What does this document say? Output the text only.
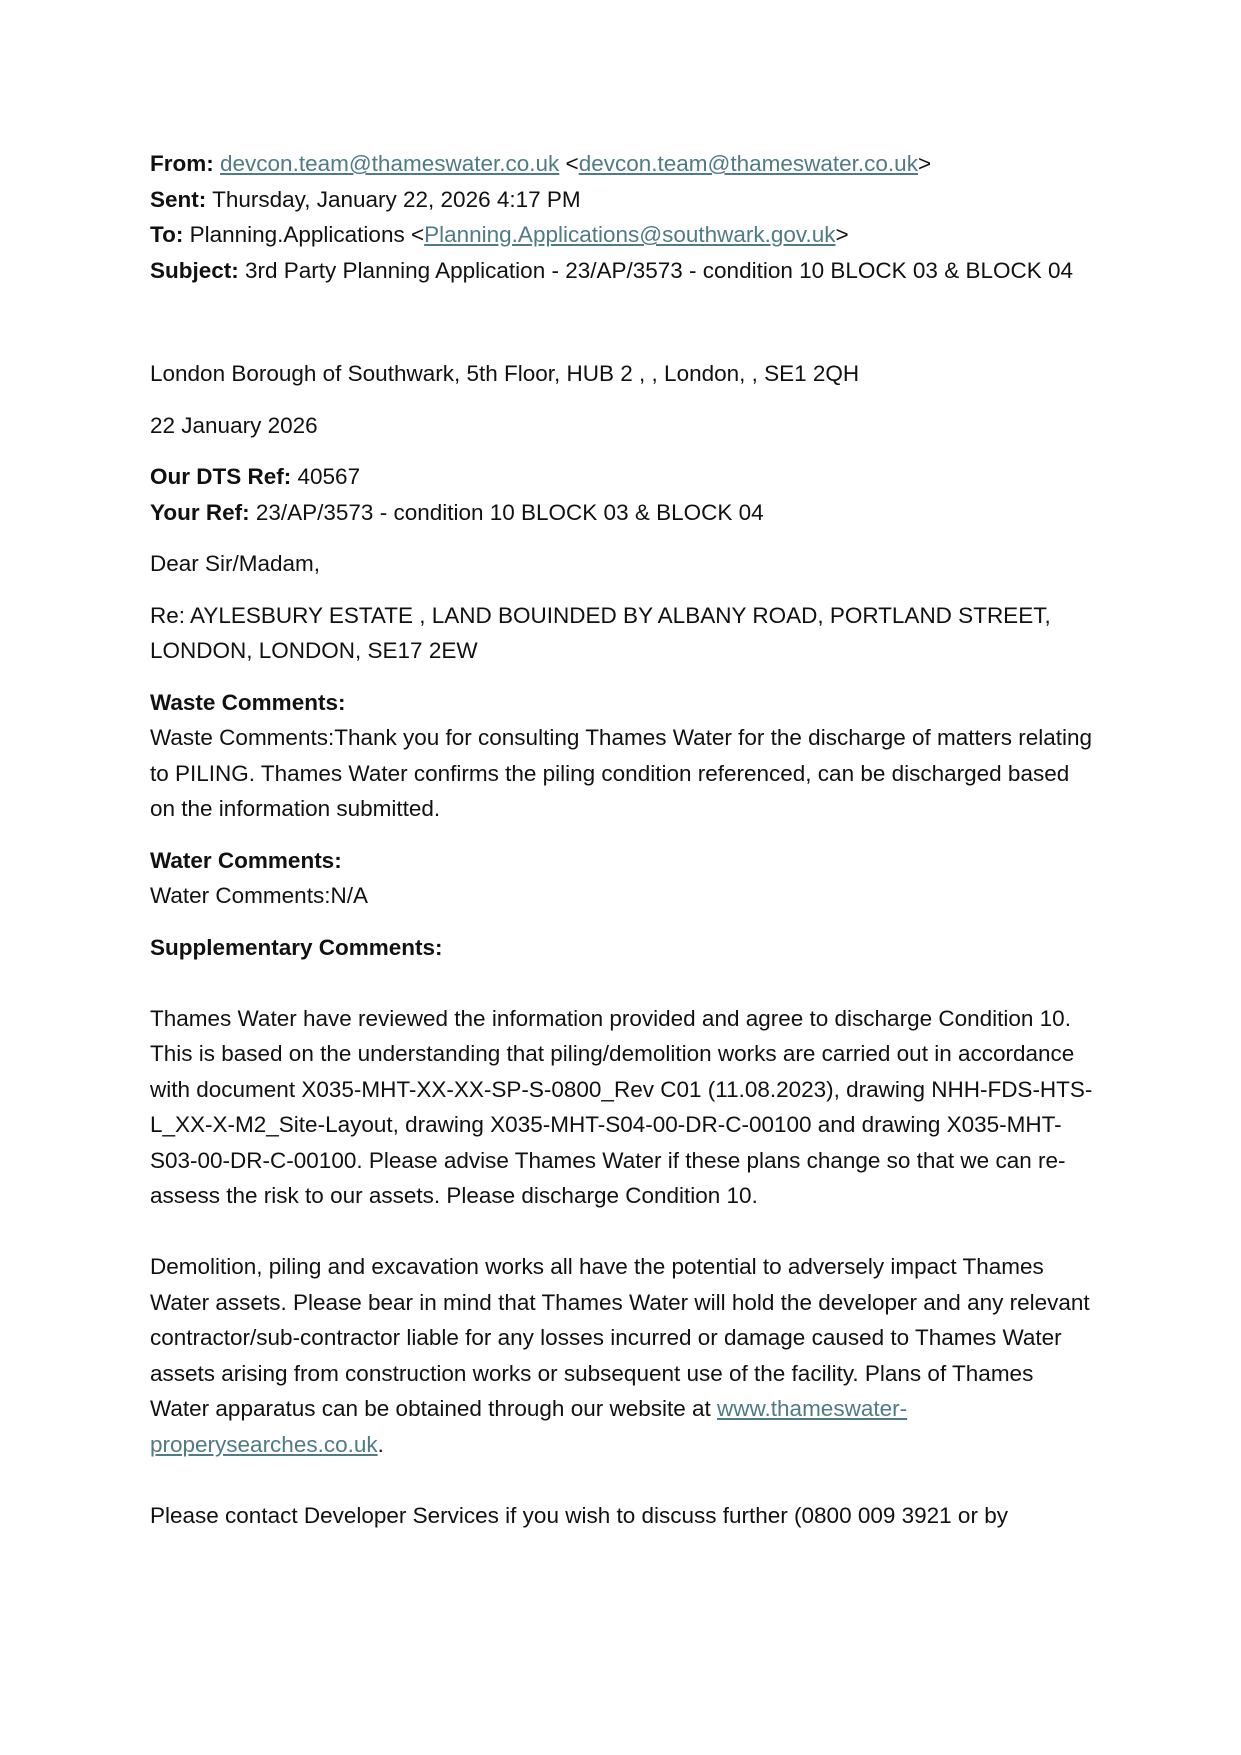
From: devcon.team@thameswater.co.uk <devcon.team@thameswater.co.uk>

Sent: Thursday, January 22, 2026 4:17 PM

To: Planning.Applications <Planning.Applications@southwark.gov.uk>

Subject: 3rd Party Planning Application - 23/AP/3573 - condition 10 BLOCK 03 & BLOCK 04

London Borough of Southwark, 5th Floor, HUB 2 , , London, , SE1 2QH

22 January 2026

Our DTS Ref: 40567

Your Ref: 23/AP/3573 - condition 10 BLOCK 03 & BLOCK 04

Dear Sir/Madam,

Re: AYLESBURY ESTATE , LAND BOUINDED BY ALBANY ROAD, PORTLAND STREET, LONDON, LONDON, SE17 2EW

Waste Comments:

Waste Comments:Thank you for consulting Thames Water for the discharge of matters relating to PILING. Thames Water confirms the piling condition referenced, can be discharged based on the information submitted.

Water Comments:

Water Comments:N/A

Supplementary Comments:

Thames Water have reviewed the information provided and agree to discharge Condition 10. This is based on the understanding that piling/demolition works are carried out in accordance with document X035-MHT-XX-XX-SP-S-0800_Rev C01 (11.08.2023), drawing NHH-FDS-HTS-L_XX-X-M2_Site-Layout, drawing X035-MHT-S04-00-DR-C-00100 and drawing X035-MHT-S03-00-DR-C-00100. Please advise Thames Water if these plans change so that we can re-assess the risk to our assets. Please discharge Condition 10.

Demolition, piling and excavation works all have the potential to adversely impact Thames Water assets. Please bear in mind that Thames Water will hold the developer and any relevant contractor/sub-contractor liable for any losses incurred or damage caused to Thames Water assets arising from construction works or subsequent use of the facility. Plans of Thames Water apparatus can be obtained through our website at www.thameswater-properysearches.co.uk.

Please contact Developer Services if you wish to discuss further (0800 009 3921 or by
